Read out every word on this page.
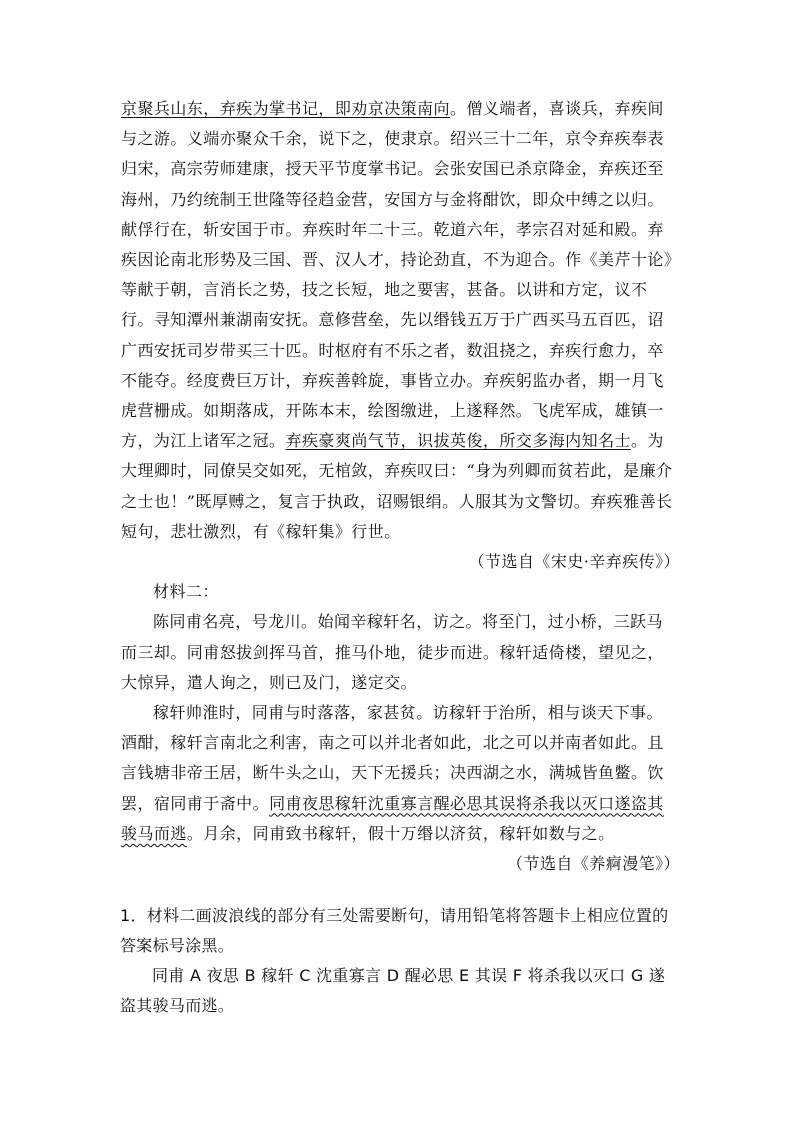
京聚兵山东，弃疾为掌书记，即劝京决策南向。僧义端者，喜谈兵，弃疾间与之游。义端亦聚众千余，说下之，使隶京。绍兴三十二年，京令弃疾奉表归宋，高宗劳师建康，授天平节度掌书记。会张安国已杀京降金，弃疾还至海州，乃约统制王世隆等径趋金营，安国方与金将酣饮，即众中缚之以归。献俘行在，斩安国于市。弃疾时年二十三。乾道六年，孝宗召对延和殿。弃疾因论南北形势及三国、晋、汉人才，持论劲直，不为迎合。作《美芹十论》等献于朝，言消长之势，技之长短，地之要害，甚备。以讲和方定，议不行。寻知潭州兼湖南安抚。意修营垒，先以缗钱五万于广西买马五百匹，诏广西安抚司岁带买三十匹。时枢府有不乐之者，数沮挠之，弃疾行愈力，卒不能夺。经度费巨万计，弃疾善斡旋，事皆立办。弃疾躬监办者，期一月飞虎营栅成。如期落成，开陈本末，绘图缴进，上遂释然。飞虎军成，雄镇一方，为江上诸军之冠。弃疾豪爽尚气节，识拔英俊，所交多海内知名士。为大理卿时，同僚吴交如死，无棺敛，弃疾叹曰：“身为列卿而贫若此，是廉介之士也！”既厚赙之，复言于执政，诏赐银绢。人服其为文警切。弃疾雅善长短句，悲壮激烈，有《稼轩集》行世。

（节选自《宋史·辛弃疾传》）

材料二：

陈同甫名亮，号龙川。始闻辛稼轩名，访之。将至门，过小桥，三跃马而三却。同甫怒拔剑挥马首，推马仆地，徒步而进。稼轩适倚楼，望见之，大惊异，遣人询之，则已及门，遂定交。

稼轩帅淮时，同甫与时落落，家甚贫。访稼轩于治所，相与谈天下事。酒酣，稼轩言南北之利害，南之可以并北者如此，北之可以并南者如此。且言钱塘非帝王居，断牛头之山，天下无援兵；决西湖之水，满城皆鱼鳖。饮罢，宿同甫于斋中。同甫夜思稼轩沈重寡言醒必思其误将杀我以灭口遂盗其骏马而逃。月余，同甫致书稼轩，假十万缗以济贫，稼轩如数与之。

（节选自《养痾漫笔》）

1．材料二画波浪线的部分有三处需要断句，请用铅笔将答题卡上相应位置的答案标号涂黑。

同甫 A 夜思 B 稼轩 C 沈重寡言 D 醒必思 E 其误 F 将杀我以灭口 G 遂盗其骏马而逃。
